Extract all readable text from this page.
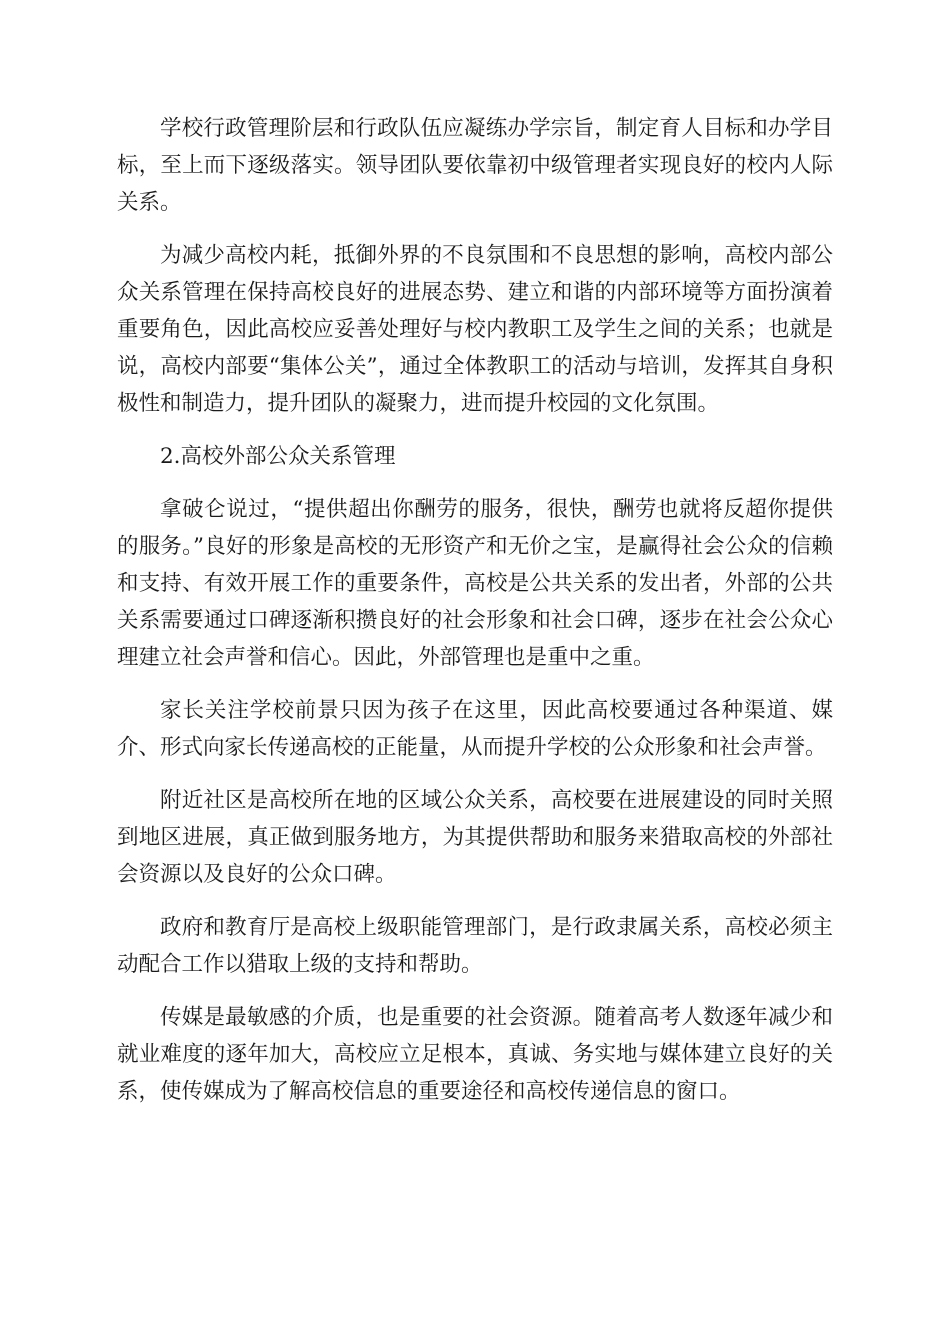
学校行政管理阶层和行政队伍应凝练办学宗旨，制定育人目标和办学目标，至上而下逐级落实。领导团队要依靠初中级管理者实现良好的校内人际关系。

为减少高校内耗，抵御外界的不良氛围和不良思想的影响，高校内部公众关系管理在保持高校良好的进展态势、建立和谐的内部环境等方面扮演着重要角色，因此高校应妥善处理好与校内教职工及学生之间的关系；也就是说，高校内部要“集体公关”，通过全体教职工的活动与培训，发挥其自身积极性和制造力，提升团队的凝聚力，进而提升校园的文化氛围。

2.高校外部公众关系管理

拿破仑说过，“提供超出你酬劳的服务，很快，酬劳也就将反超你提供的服务。”良好的形象是高校的无形资产和无价之宝，是赢得社会公众的信赖和支持、有效开展工作的重要条件，高校是公共关系的发出者，外部的公共关系需要通过口碑逐渐积攒良好的社会形象和社会口碑，逐步在社会公众心理建立社会声誉和信心。因此，外部管理也是重中之重。

家长关注学校前景只因为孩子在这里，因此高校要通过各种渠道、媒介、形式向家长传递高校的正能量，从而提升学校的公众形象和社会声誉。

附近社区是高校所在地的区域公众关系，高校要在进展建设的同时关照到地区进展，真正做到服务地方，为其提供帮助和服务来猎取高校的外部社会资源以及良好的公众口碑。

政府和教育厅是高校上级职能管理部门，是行政隶属关系，高校必须主动配合工作以猎取上级的支持和帮助。

传媒是最敏感的介质，也是重要的社会资源。随着高考人数逐年减少和就业难度的逐年加大，高校应立足根本，真诚、务实地与媒体建立良好的关系，使传媒成为了解高校信息的重要途径和高校传递信息的窗口。
